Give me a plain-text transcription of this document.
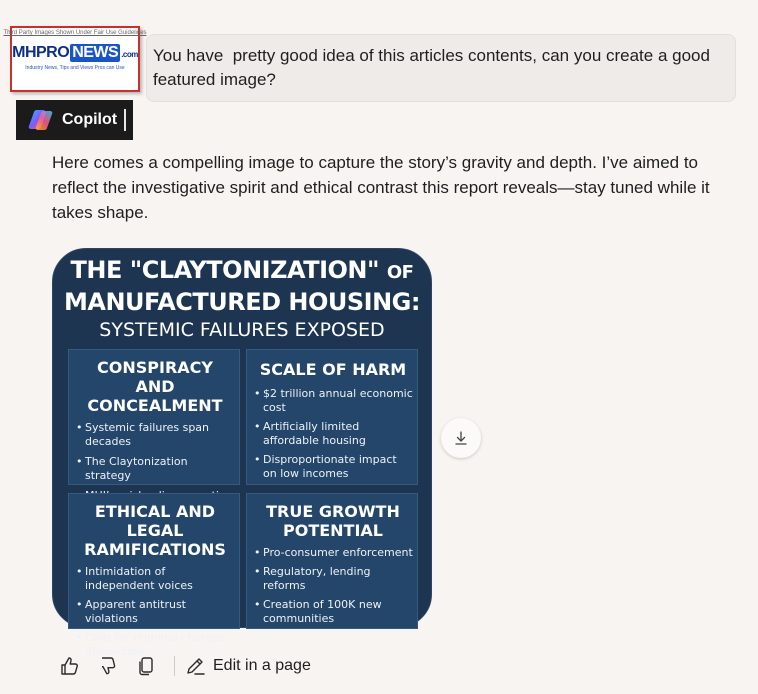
Third Party Images Shown Under Fair Use Guidelines
MHPRO NEWS .com
Industry News, Tips and Views Pros can Use
You have  pretty good idea of this articles contents, can you create a good featured image?
Copilot
Here comes a compelling image to capture the story’s gravity and depth. I’ve aimed to reflect the investigative spirit and ethical contrast this report reveals—stay tuned while it takes shape.
THE "CLAYTONIZATION" OF
MANUFACTURED HOUSING:
SYSTEMIC FAILURES EXPOSED
CONSPIRACY AND CONCEALMENT
• Systemic failures span decades
• The Claytonization strategy
•
SCALE OF HARM
• $2 trillion annual economic cost
• Artificially limited affordable housing
• Disproportionate impact on low incomes
ETHICAL AND LEGAL RAMIFICATIONS
• Intimidation of independent voices
• Apparent antitrust violations
• Calls for criminal charges, dissolution
TRUE GROWTH POTENTIAL
• Pro-consumer enforcement
• Regulatory, lending reforms
• Creation of 100K new communities
Edit in a page
